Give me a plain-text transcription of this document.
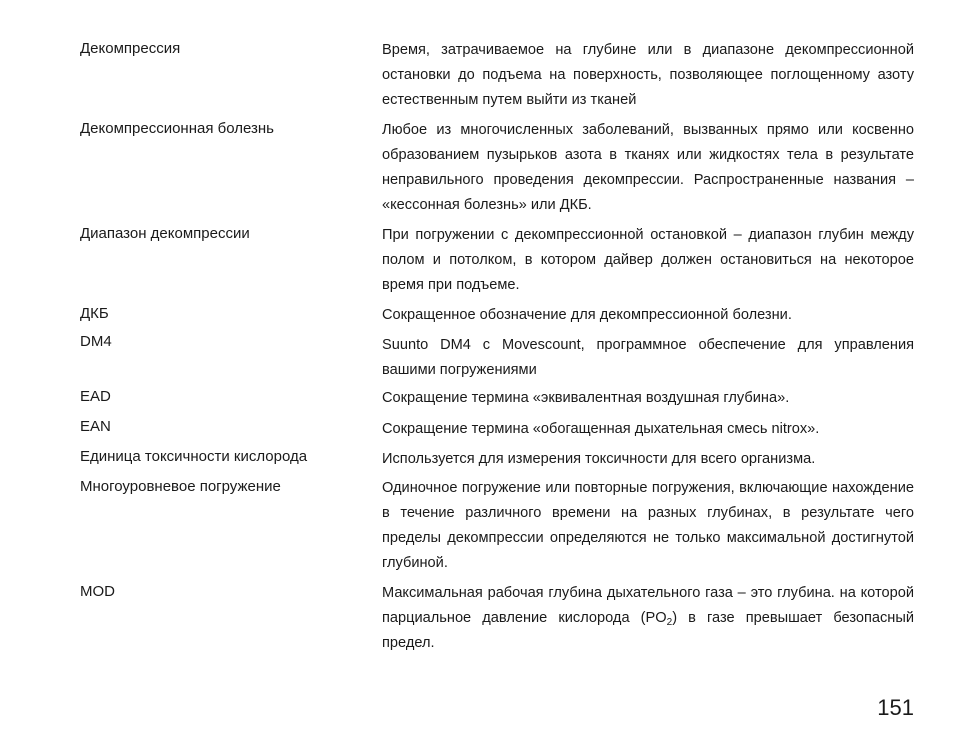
Декомпрессия	Время, затрачиваемое на глубине или в диапазоне декомпрессионной остановки до подъема на поверхность, позволяющее поглощенному азоту естественным путем выйти из тканей
Декомпрессионная болезнь	Любое из многочисленных заболеваний, вызванных прямо или косвенно образованием пузырьков азота в тканях или жидкостях тела в результате неправильного проведения декомпрессии. Распространенные названия – «кессонная болезнь» или ДКБ.
Диапазон декомпрессии	При погружении с декомпрессионной остановкой – диапазон глубин между полом и потолком, в котором дайвер должен остановиться на некоторое время при подъеме.
ДКБ	Сокращенное обозначение для декомпрессионной болезни.
DM4	Suunto DM4 с Movescount, программное обеспечение для управления вашими погружениями
EAD	Сокращение термина «эквивалентная воздушная глубина».
EAN	Сокращение термина «обогащенная дыхательная смесь nitrox».
Единица токсичности кислорода	Используется для измерения токсичности для всего организма.
Многоуровневое погружение	Одиночное погружение или повторные погружения, включающие нахождение в течение различного времени на разных глубинах, в результате чего пределы декомпрессии определяются не только максимальной достигнутой глубиной.
MOD	Максимальная рабочая глубина дыхательного газа – это глубина. на которой парциальное давление кислорода $(PO_2)$ в газе превышает безопасный предел.
151
